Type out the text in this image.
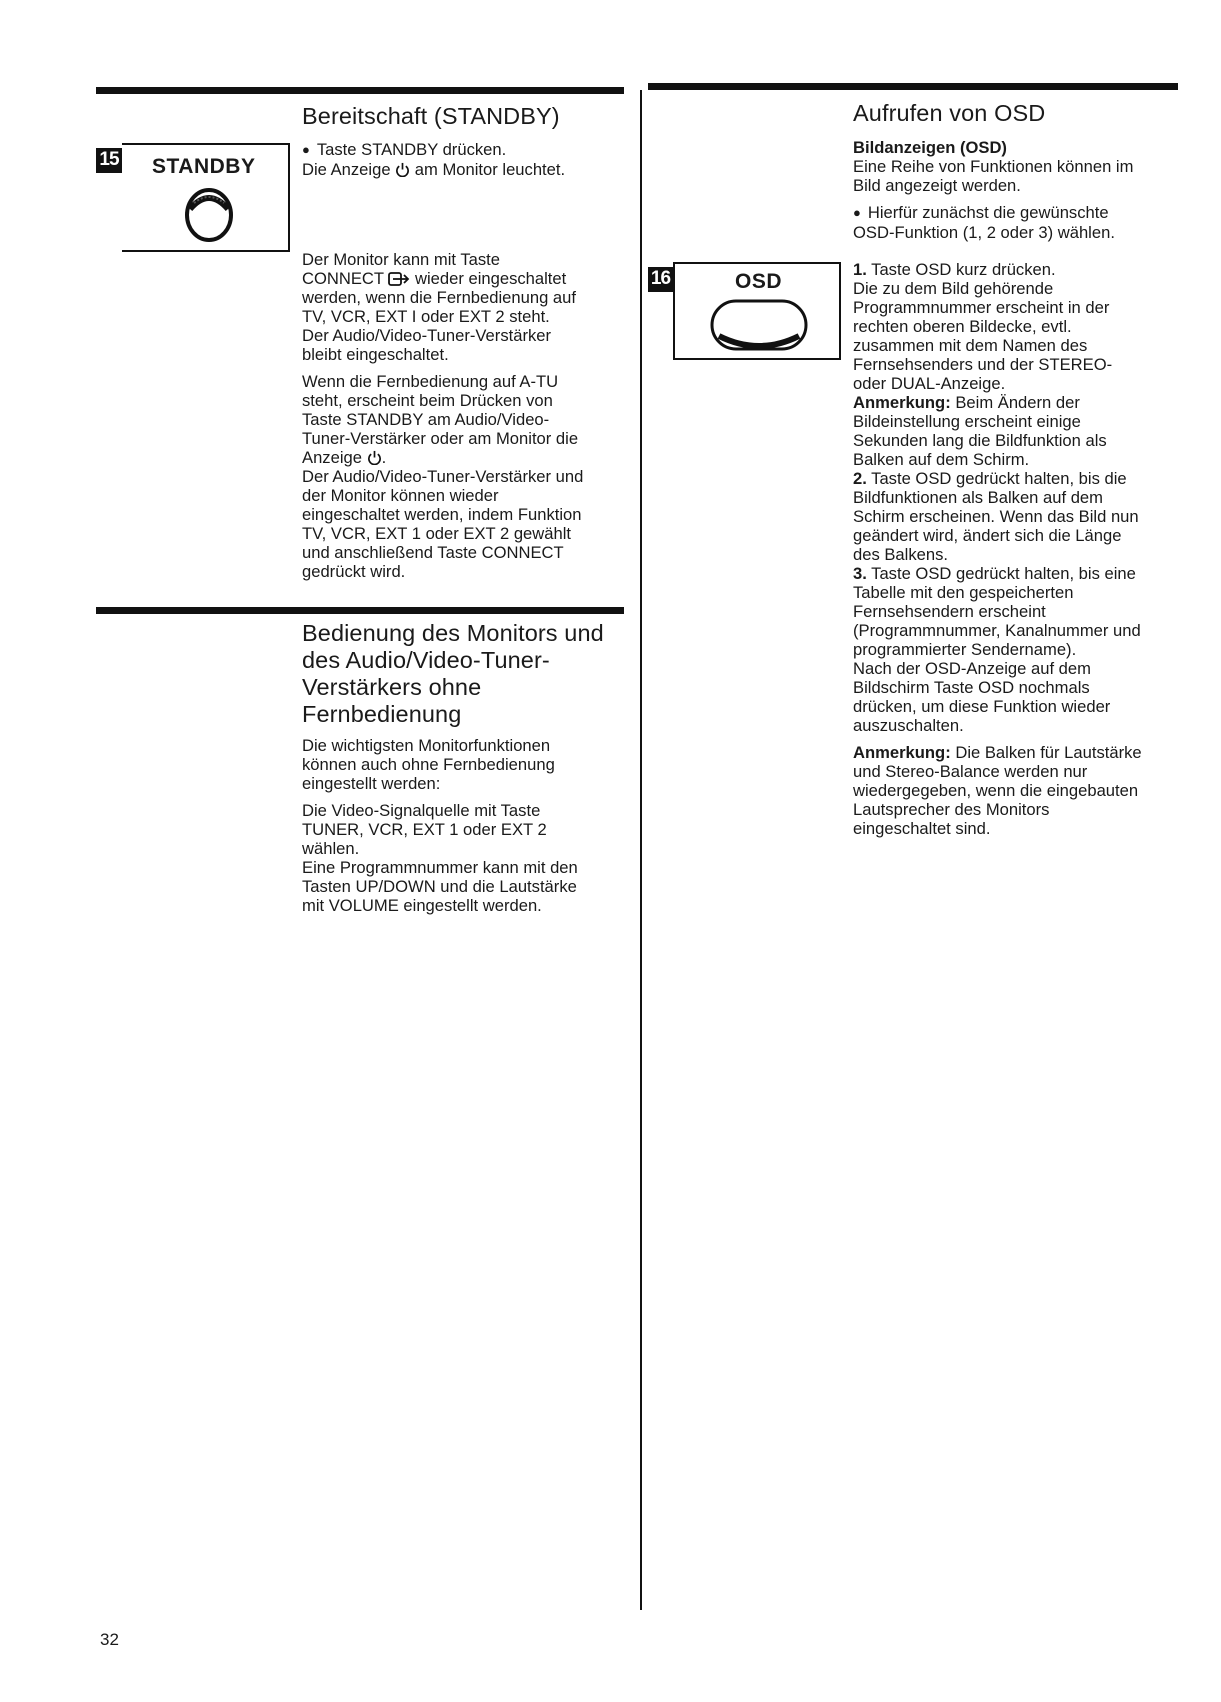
Bereitschaft (STANDBY)
15 STANDBY

● Taste STANDBY drücken.

Die Anzeige  am Monitor leuchtet.

Der Monitor kann mit Taste

CONNECT  wieder eingeschaltet

werden, wenn die Fernbedienung auf

TV, VCR, EXT I oder EXT 2 steht.

Der Audio/Video-Tuner-Verstärker

bleibt eingeschaltet.

Wenn die Fernbedienung auf A-TU

steht, erscheint beim Drücken von

Taste STANDBY am Audio/Video-

Tuner-Verstärker oder am Monitor die

Anzeige .

Der Audio/Video-Tuner-Verstärker und

der Monitor können wieder

eingeschaltet werden, indem Funktion

TV, VCR, EXT 1 oder EXT 2 gewählt

und anschließend Taste CONNECT

gedrückt wird.

Bedienung des Monitors und
des Audio/Video-Tuner-
Verstärkers ohne
Fernbedienung

Die wichtigsten Monitorfunktionen

können auch ohne Fernbedienung

eingestellt werden:

Die Video-Signalquelle mit Taste

TUNER, VCR, EXT 1 oder EXT 2

wählen.

Eine Programmnummer kann mit den

Tasten UP/DOWN und die Lautstärke

mit VOLUME eingestellt werden.

Aufrufen von OSD

Bildanzeigen (OSD)

Eine Reihe von Funktionen können im

Bild angezeigt werden.

● Hierfür zunächst die gewünschte

OSD-Funktion (1, 2 oder 3) wählen.

16	OSD

1. Taste OSD kurz drücken.

Die zu dem Bild gehörende

Programmnummer erscheint in der

rechten oberen Bildecke, evtl.

zusammen mit dem Namen des

Fernsehsenders und der STEREO-

oder DUAL-Anzeige.

Anmerkung: Beim Ändern der

Bildeinstellung erscheint einige

Sekunden lang die Bildfunktion als

Balken auf dem Schirm.

2. Taste OSD gedrückt halten, bis die

Bildfunktionen als Balken auf dem

Schirm erscheinen. Wenn das Bild nun

geändert wird, ändert sich die Länge

des Balkens.

3. Taste OSD gedrückt halten, bis eine

Tabelle mit den gespeicherten

Fernsehsendern erscheint

(Programmnummer, Kanalnummer und

programmierter Sendername).

Nach der OSD-Anzeige auf dem

Bildschirm Taste OSD nochmals

drücken, um diese Funktion wieder

auszuschalten.

Anmerkung: Die Balken für Lautstärke

und Stereo-Balance werden nur

wiedergegeben, wenn die eingebauten

Lautsprecher des Monitors

eingeschaltet sind.

32
